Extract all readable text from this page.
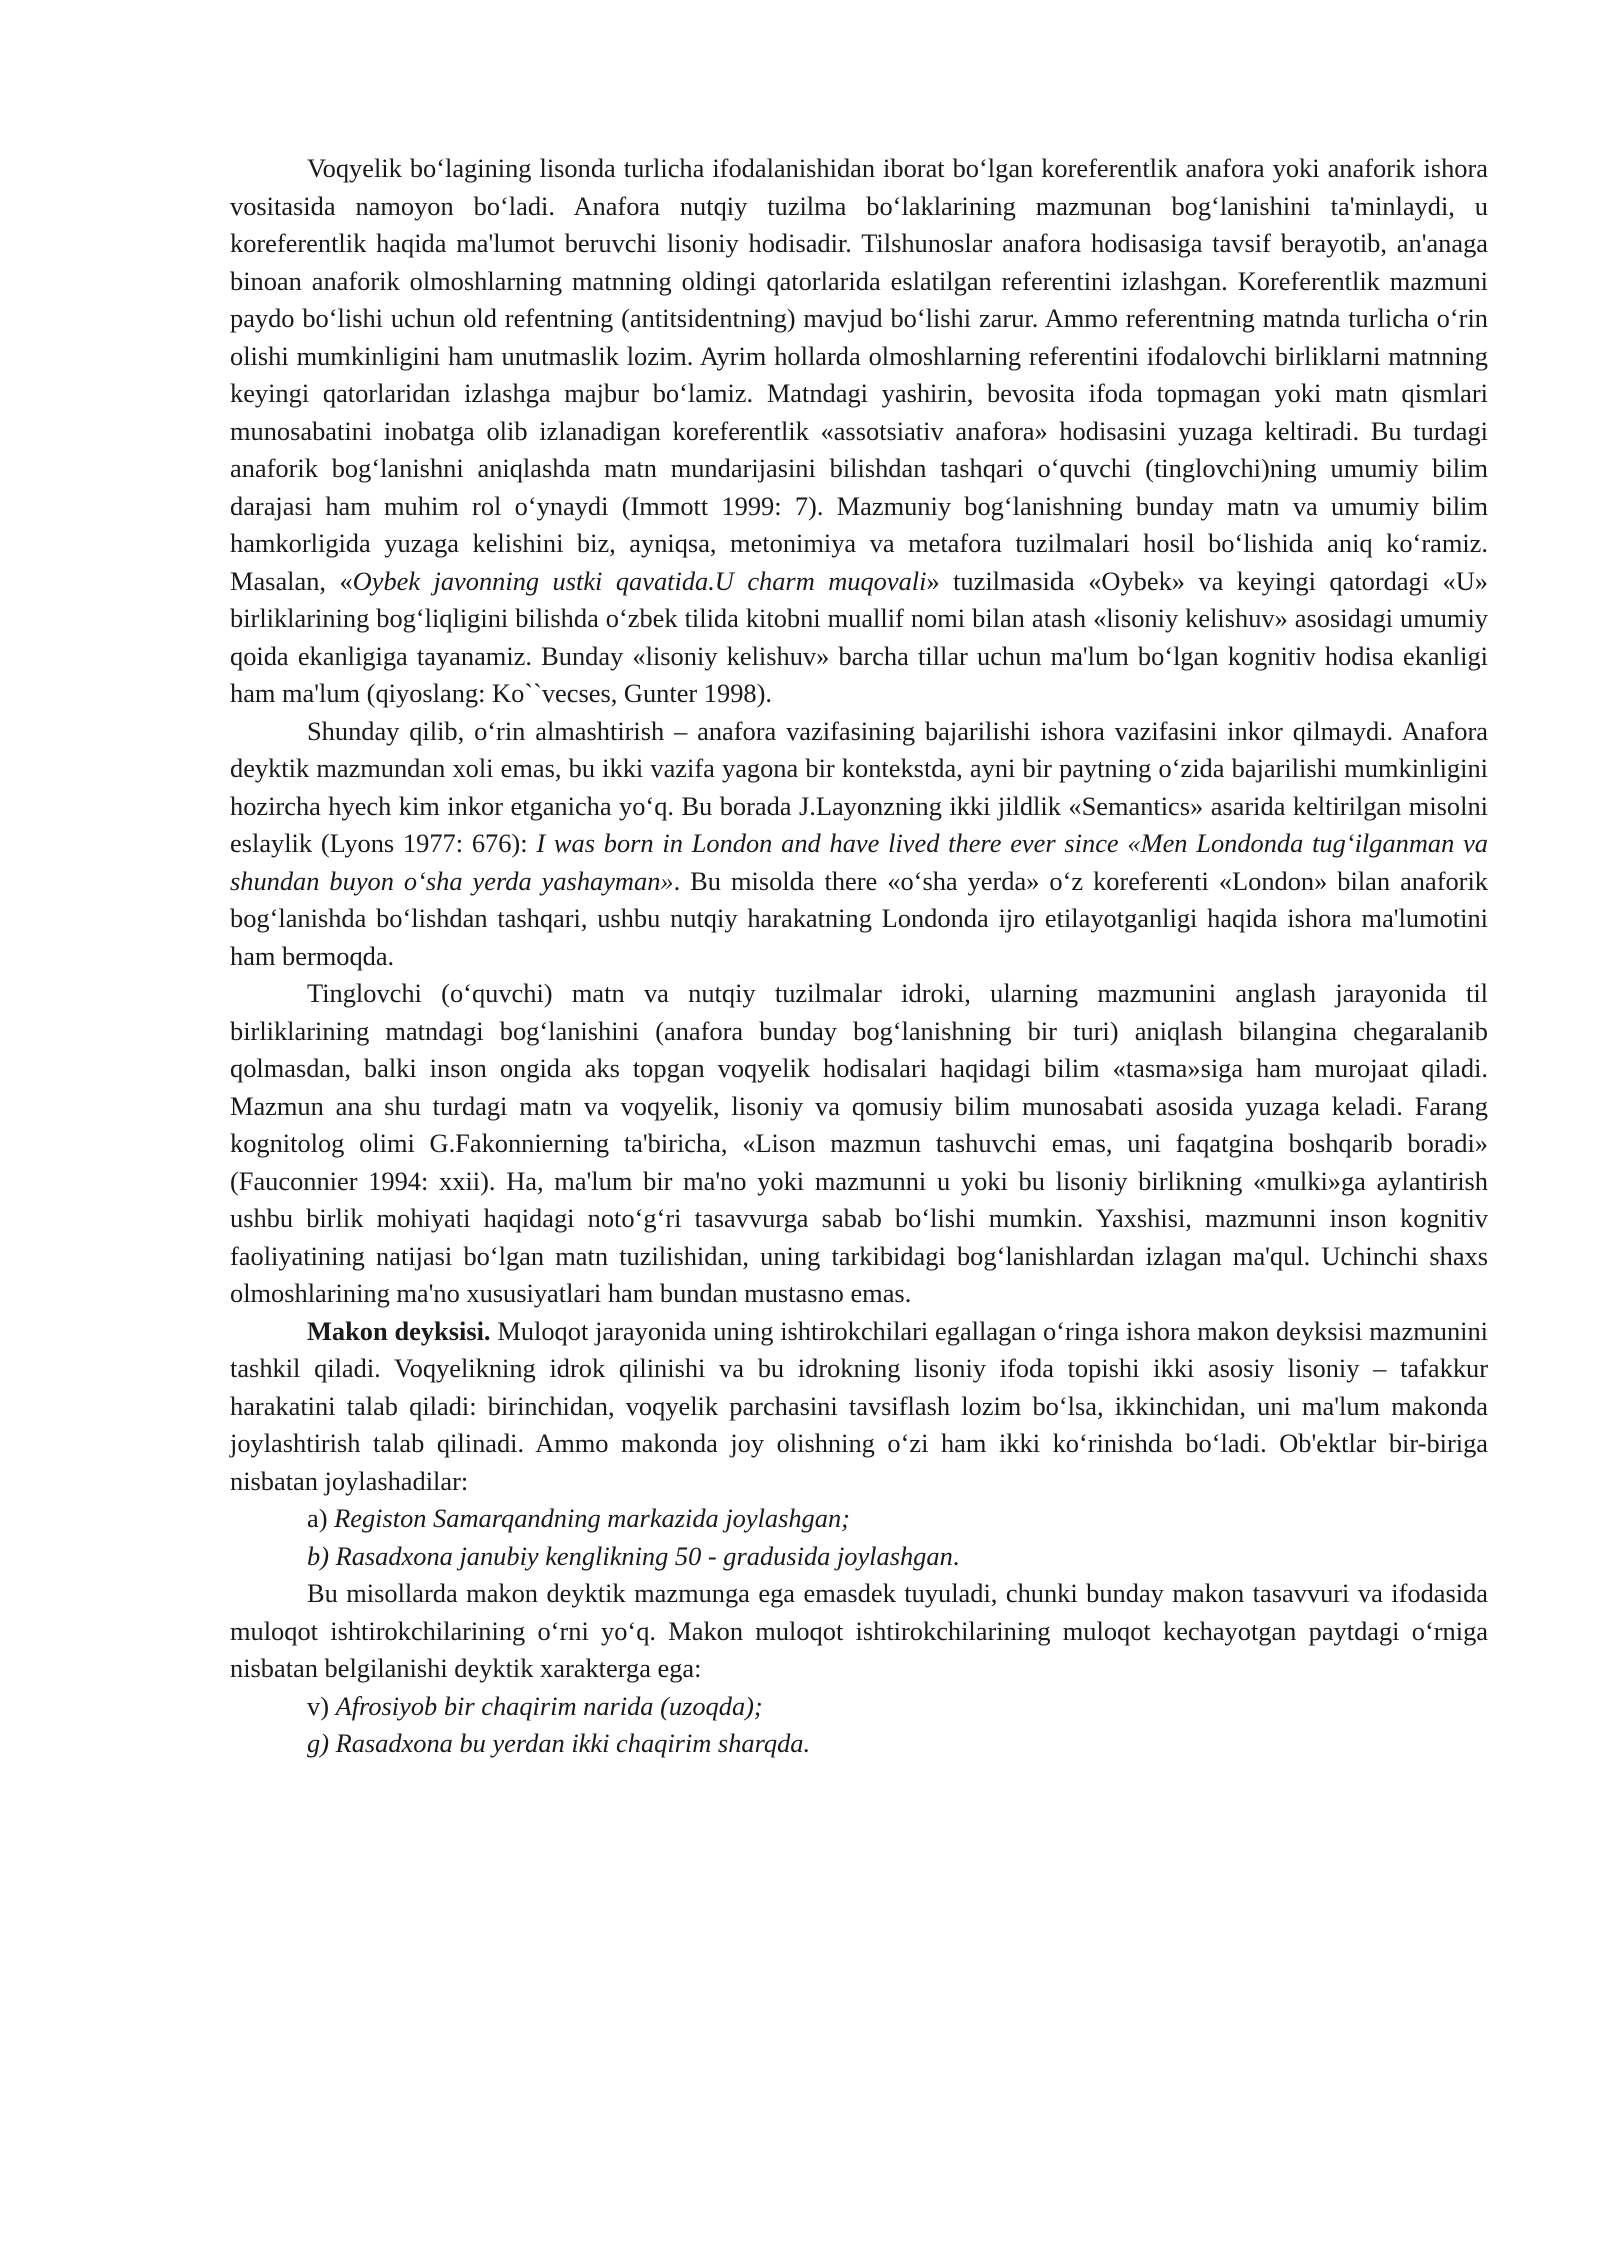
Voqyelik bo‘lagining lisonda turlicha ifodalanishidan iborat bo‘lgan koreferentlik anafora yoki anaforik ishora vositasida namoyon bo‘ladi. Anafora nutqiy tuzilma bo‘laklarining mazmunan bog‘lanishini ta'minlaydi, u koreferentlik haqida ma'lumot beruvchi lisoniy hodisadir. Tilshunoslar anafora hodisasiga tavsif berayotib, an'anaga binoan anaforik olmoshlarning matnning oldingi qatorlarida eslatilgan referentini izlashgan. Koreferentlik mazmuni paydo bo‘lishi uchun old refentning (antitsidentning) mavjud bo‘lishi zarur. Ammo referentning matnda turlicha o‘rin olishi mumkinligini ham unutmaslik lozim. Ayrim hollarda olmoshlarning referentini ifodalovchi birliklarni matnning keyingi qatorlaridan izlashga majbur bo‘lamiz. Matndagi yashirin, bevosita ifoda topmagan yoki matn qismlari munosabatini inobatga olib izlanadigan koreferentlik «assotsiativ anafora» hodisasini yuzaga keltiradi. Bu turdagi anaforik bog‘lanishni aniqlashda matn mundarijasini bilishdan tashqari o‘quvchi (tinglovchi)ning umumiy bilim darajasi ham muhim rol o‘ynaydi (Immott 1999: 7). Mazmuniy bog‘lanishning bunday matn va umumiy bilim hamkorligida yuzaga kelishini biz, ayniqsa, metonimiya va metafora tuzilmalari hosil bo‘lishida aniq ko‘ramiz. Masalan, «Oybek javonning ustki qavatida.U charm muqovali» tuzilmasida «Oybek» va keyingi qatordagi «U» birliklarining bog‘liqligini bilishda o‘zbek tilida kitobni muallif nomi bilan atash «lisoniy kelishuv» asosidagi umumiy qoida ekanligiga tayanamiz. Bunday «lisoniy kelishuv» barcha tillar uchun ma'lum bo‘lgan kognitiv hodisa ekanligi ham ma'lum (qiyoslang: Ko``vecses, Gunter 1998).

Shunday qilib, o‘rin almashtirish – anafora vazifasining bajarilishi ishora vazifasini inkor qilmaydi. Anafora deyktik mazmundan xoli emas, bu ikki vazifa yagona bir kontekstda, ayni bir paytning o‘zida bajarilishi mumkinligini hozircha hyech kim inkor etganicha yo‘q. Bu borada J.Layonzning ikki jildlik «Semantics» asarida keltirilgan misolni eslaylik (Lyons 1977: 676): I was born in London and have lived there ever since «Men Londonda tug‘ilganman va shundan buyon o‘sha yerda yashayman». Bu misolda there «o‘sha yerda» o‘z koreferenti «London» bilan anaforik bog‘lanishda bo‘lishdan tashqari, ushbu nutqiy harakatning Londonda ijro etilayotganligi haqida ishora ma'lumotini ham bermoqda.

Tinglovchi (o‘quvchi) matn va nutqiy tuzilmalar idroki, ularning mazmunini anglash jarayonida til birliklarining matndagi bog‘lanishini (anafora bunday bog‘lanishning bir turi) aniqlash bilangina chegaralanib qolmasdan, balki inson ongida aks topgan voqyelik hodisalari haqidagi bilim «tasma»siga ham murojaat qiladi. Mazmun ana shu turdagi matn va voqyelik, lisoniy va qomusiy bilim munosabati asosida yuzaga keladi. Farang kognitolog olimi G.Fakonnierning ta'biricha, «Lison mazmun tashuvchi emas, uni faqatgina boshqarib boradi» (Fauconnier 1994: xxii). Ha, ma'lum bir ma'no yoki mazmunni u yoki bu lisoniy birlikning «mulki»ga aylantirish ushbu birlik mohiyati haqidagi noto‘g‘ri tasavvurga sabab bo‘lishi mumkin. Yaxshisi, mazmunni inson kognitiv faoliyatining natijasi bo‘lgan matn tuzilishidan, uning tarkibidagi bog‘lanishlardan izlagan ma'qul. Uchinchi shaxs olmoshlarining ma'no xususiyatlari ham bundan mustasno emas.

Makon deyksisi. Muloqot jarayonida uning ishtirokchilari egallagan o‘ringa ishora makon deyksisi mazmunini tashkil qiladi. Voqyelikning idrok qilinishi va bu idrokning lisoniy ifoda topishi ikki asosiy lisoniy – tafakkur harakatini talab qiladi: birinchidan, voqyelik parchasini tavsiflash lozim bo‘lsa, ikkinchidan, uni ma'lum makonda joylashtirish talab qilinadi. Ammo makonda joy olishning o‘zi ham ikki ko‘rinishda bo‘ladi. Ob'ektlar bir-biriga nisbatan joylashadilar:

a) Registon Samarqandning markazida joylashgan;

b) Rasadxona janubiy kenglikning 50 - gradusida joylashgan.

Bu misollarda makon deyktik mazmunga ega emasdek tuyuladi, chunki bunday makon tasavvuri va ifodasida muloqot ishtirokchilarining o‘rni yo‘q. Makon muloqot ishtirokchilarining muloqot kechayotgan paytdagi o‘rniga nisbatan belgilanishi deyktik xarakterga ega:

v) Afrosiyob bir chaqirim narida (uzoqda);

g) Rasadxona bu yerdan ikki chaqirim sharqda.
